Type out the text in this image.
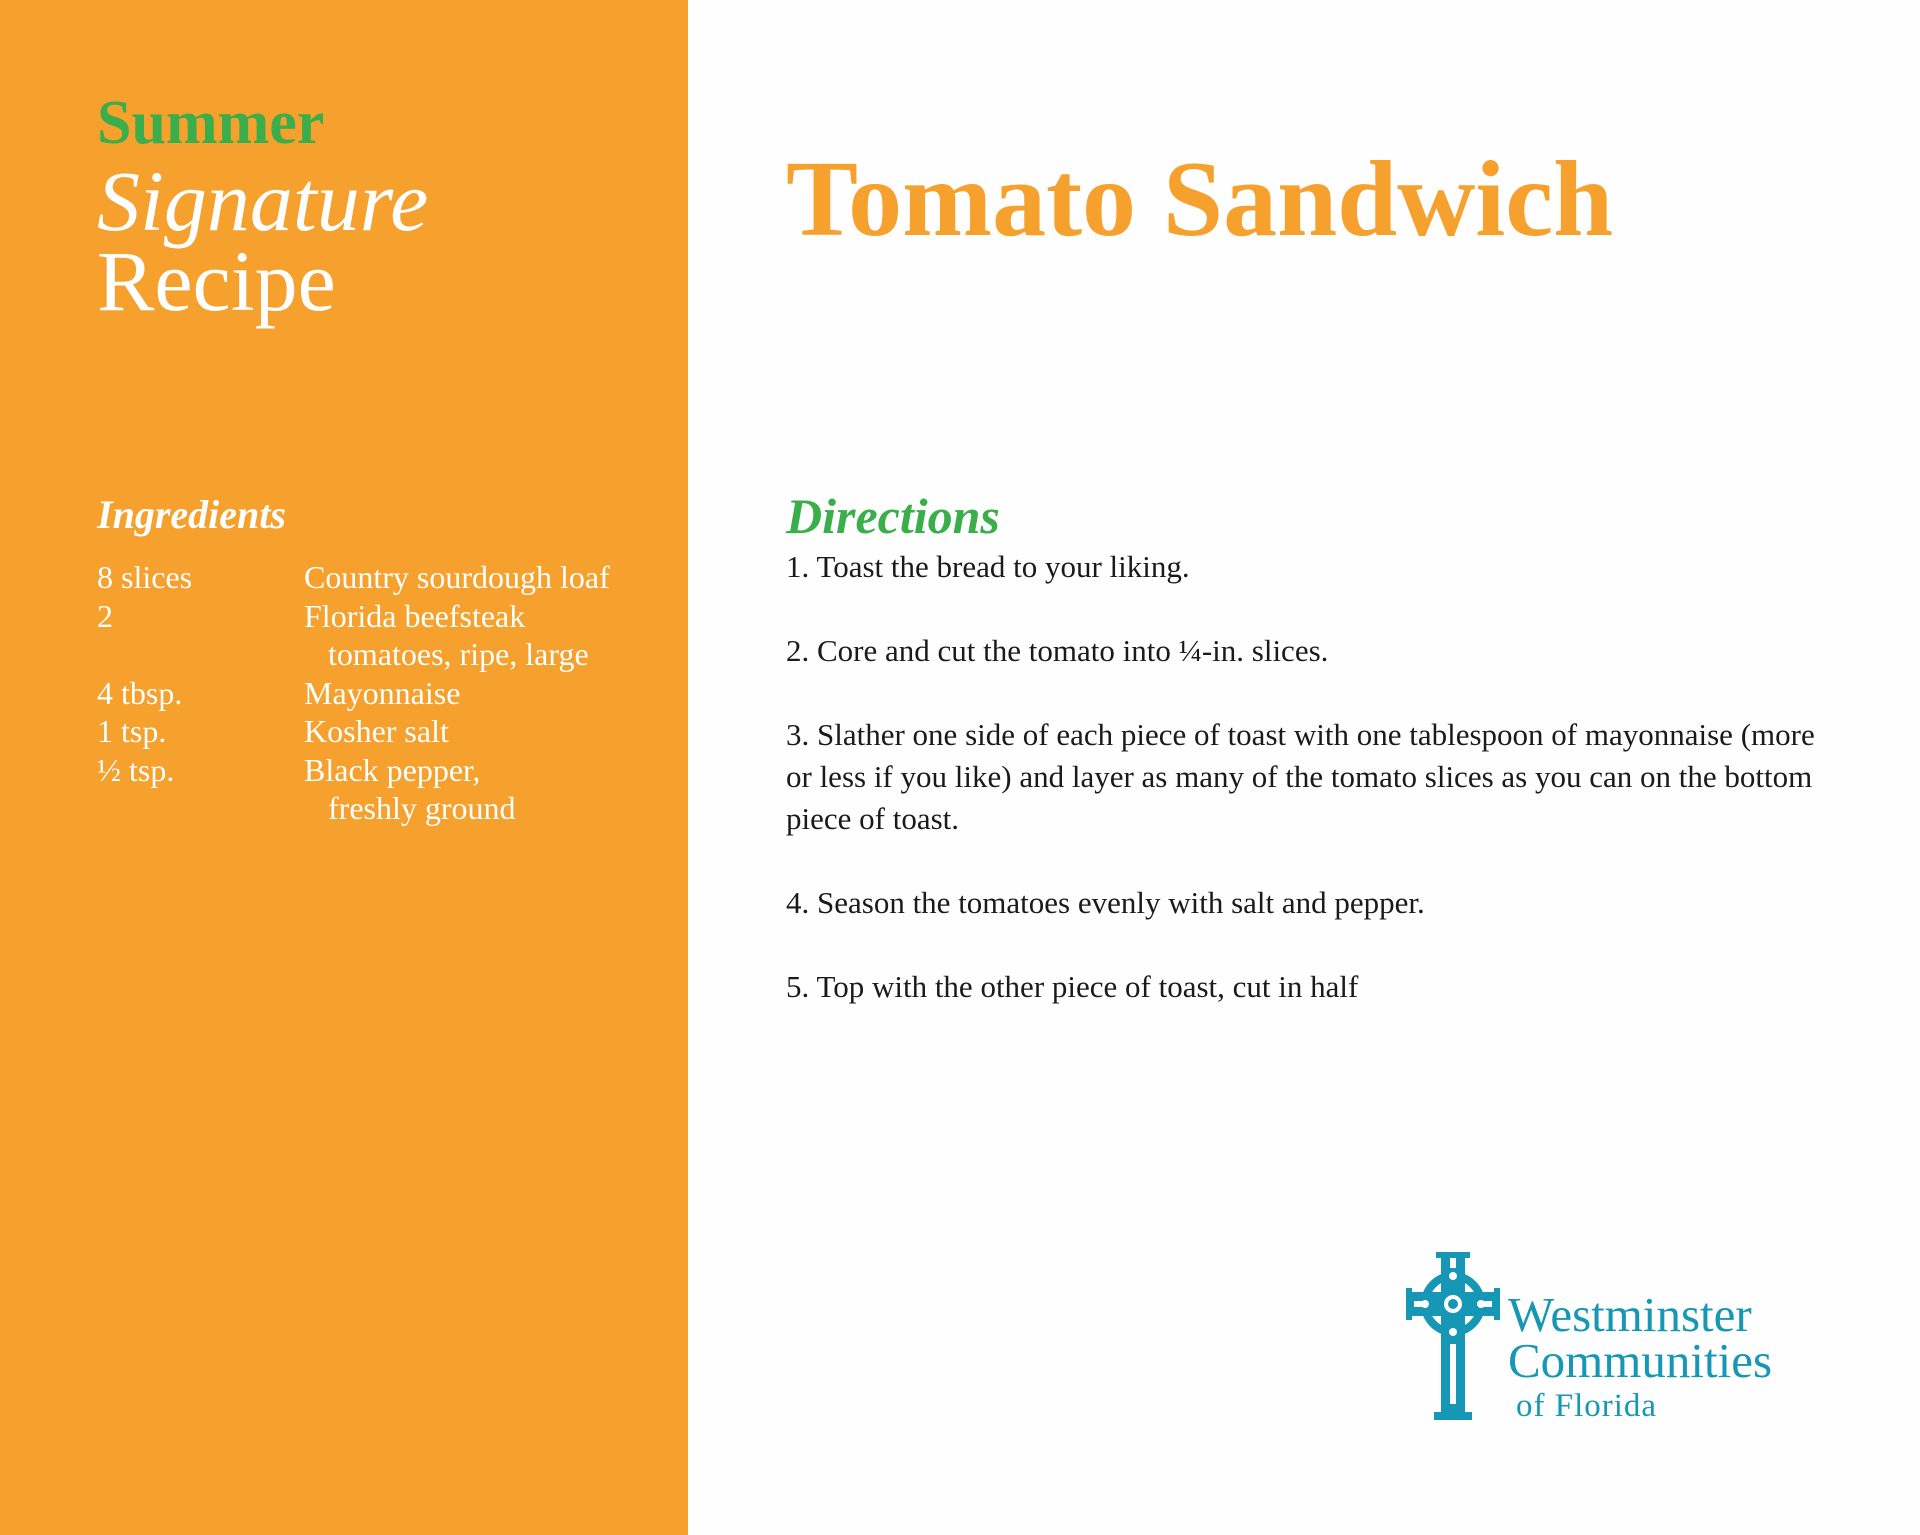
Summer

Signature

Recipe

Ingredients

8 slices	Country sourdough loaf
2	Florida beefsteak
tomatoes, ripe, large
4 tbsp.	Mayonnaise
1 tsp.	Kosher salt
½ tsp.	Black pepper,
freshly ground
Tomato Sandwich

Directions

1. Toast the bread to your liking.

2. Core and cut the tomato into ¼-in. slices.

3. Slather one side of each piece of toast with one tablespoon of mayonnaise (more or less if you like) and layer as many of the tomato slices as you can on the bottom piece of toast.

4. Season the tomatoes evenly with salt and pepper.

5. Top with the other piece of toast, cut in half

Westminster
Communities
of Florida
